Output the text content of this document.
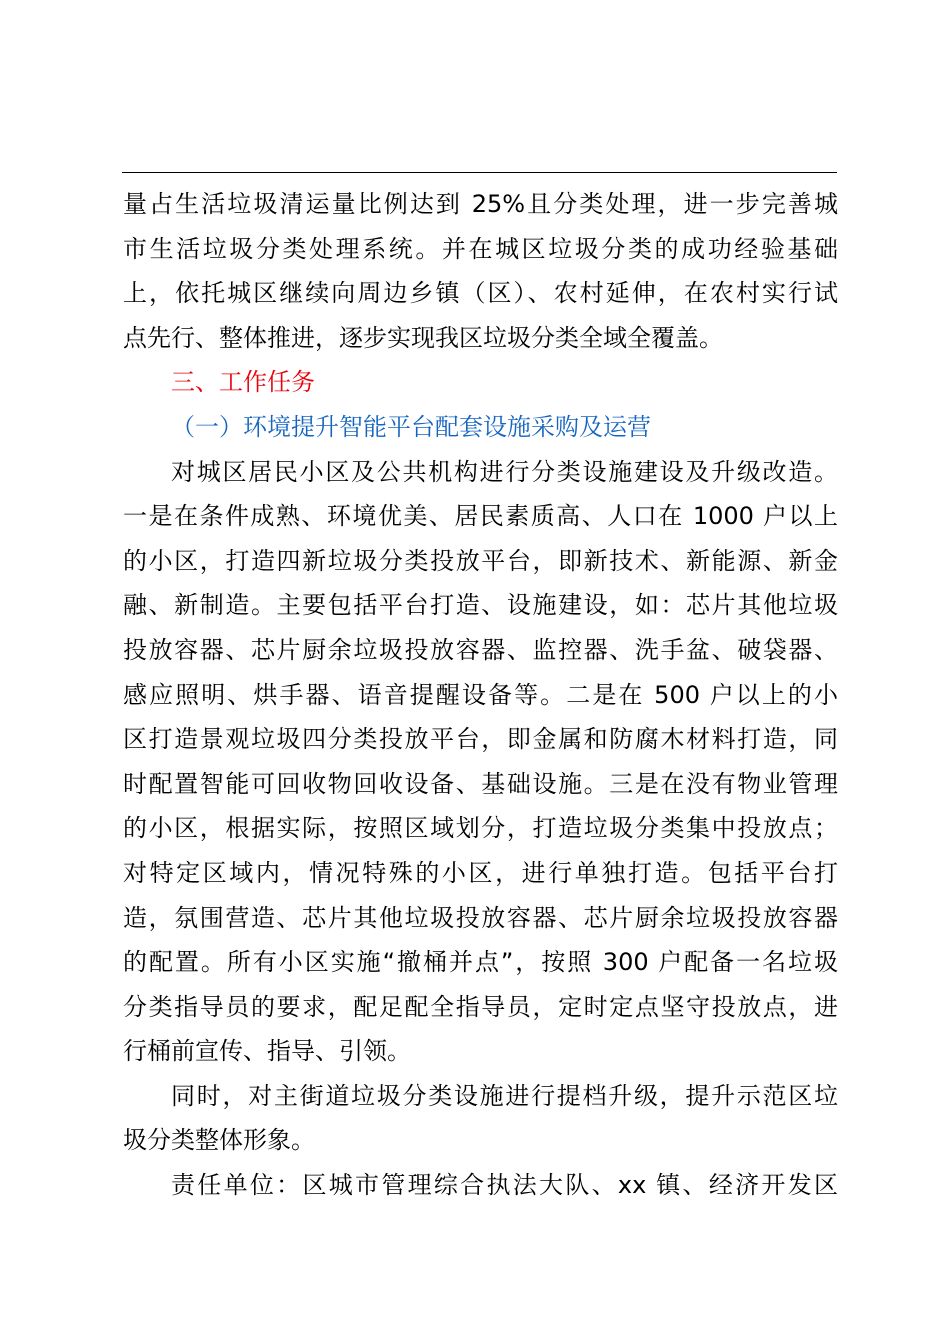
量占生活垃圾清运量比例达到 25%且分类处理，进一步完善城
市生活垃圾分类处理系统。并在城区垃圾分类的成功经验基础
上，依托城区继续向周边乡镇（区）、农村延伸，在农村实行试
点先行、整体推进，逐步实现我区垃圾分类全域全覆盖。
三、工作任务
（一）环境提升智能平台配套设施采购及运营
对城区居民小区及公共机构进行分类设施建设及升级改造。
一是在条件成熟、环境优美、居民素质高、人口在 1000 户以上
的小区，打造四新垃圾分类投放平台，即新技术、新能源、新金
融、新制造。主要包括平台打造、设施建设，如：芯片其他垃圾
投放容器、芯片厨余垃圾投放容器、监控器、洗手盆、破袋器、
感应照明、烘手器、语音提醒设备等。二是在 500 户以上的小
区打造景观垃圾四分类投放平台，即金属和防腐木材料打造，同
时配置智能可回收物回收设备、基础设施。三是在没有物业管理
的小区，根据实际，按照区域划分，打造垃圾分类集中投放点；
对特定区域内，情况特殊的小区，进行单独打造。包括平台打
造，氛围营造、芯片其他垃圾投放容器、芯片厨余垃圾投放容器
的配置。所有小区实施“撤桶并点”，按照 300 户配备一名垃圾
分类指导员的要求，配足配全指导员，定时定点坚守投放点，进
行桶前宣传、指导、引领。
同时，对主街道垃圾分类设施进行提档升级，提升示范区垃
圾分类整体形象。
责任单位：区城市管理综合执法大队、xx 镇、经济开发区
